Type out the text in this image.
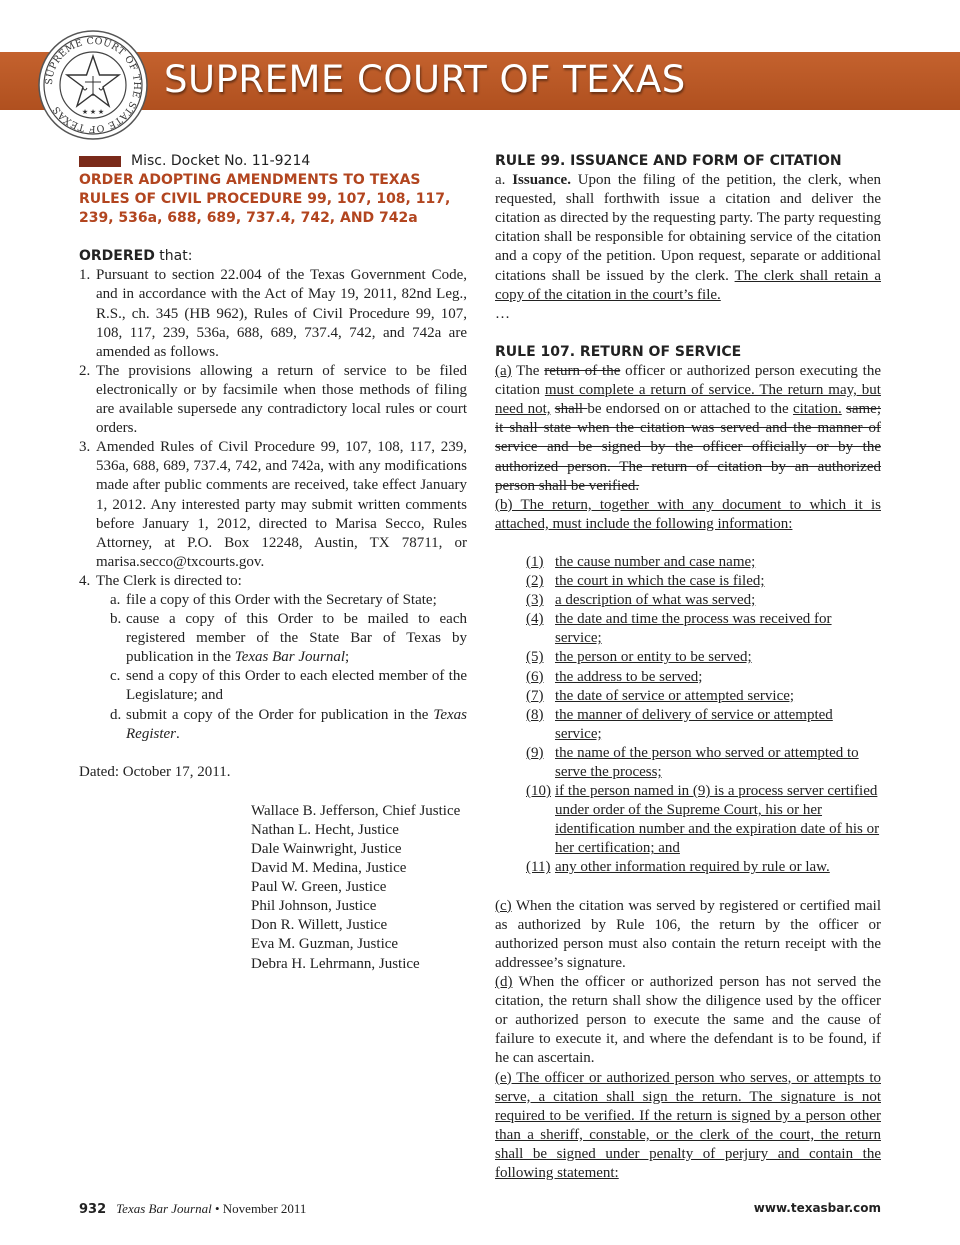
SUPREME COURT OF TEXAS
SUPREME COURT OF THE STATE OF TEXAS	★ ★ ★
Misc. Docket No. 11-9214

ORDER ADOPTING AMENDMENTS TO TEXAS RULES OF CIVIL PROCEDURE 99, 107, 108, 117, 239, 536a, 688, 689, 737.4, 742, AND 742a

ORDERED that:
1. Pursuant to section 22.004 of the Texas Government Code, and in accordance with the Act of May 19, 2011, 82nd Leg., R.S., ch. 345 (HB 962), Rules of Civil Procedure 99, 107, 108, 117, 239, 536a, 688, 689, 737.4, 742, and 742a are amended as follows.
2. The provisions allowing a return of service to be filed electronically or by facsimile when those methods of filing are available supersede any contradictory local rules or court orders.
3. Amended Rules of Civil Procedure 99, 107, 108, 117, 239, 536a, 688, 689, 737.4, 742, and 742a, with any modifications made after public comments are received, take effect January 1, 2012. Any interested party may submit written comments before January 1, 2012, directed to Marisa Secco, Rules Attorney, at P.O. Box 12248, Austin, TX 78711, or marisa.secco@txcourts.gov.
4. The Clerk is directed to:
a. file a copy of this Order with the Secretary of State;
b. cause a copy of this Order to be mailed to each registered member of the State Bar of Texas by publication in the Texas Bar Journal;
c. send a copy of this Order to each elected member of the Legislature; and
d. submit a copy of the Order for publication in the Texas Register.
Dated: October 17, 2011.
Wallace B. Jefferson, Chief Justice
Nathan L. Hecht, Justice
Dale Wainwright, Justice
David M. Medina, Justice
Paul W. Green, Justice
Phil Johnson, Justice
Don R. Willett, Justice
Eva M. Guzman, Justice
Debra H. Lehrmann, Justice

RULE 99. ISSUANCE AND FORM OF CITATION

a. Issuance. Upon the filing of the petition, the clerk, when requested, shall forthwith issue a citation and deliver the citation as directed by the requesting party. The party requesting citation shall be responsible for obtaining service of the citation and a copy of the petition. Upon request, separate or additional citations shall be issued by the clerk. The clerk shall retain a copy of the citation in the court’s file.

…

RULE 107. RETURN OF SERVICE

(a) The return of the officer or authorized person executing the citation must complete a return of service. The return may, but need not, shall be endorsed on or attached to the citation. same; it shall state when the citation was served and the manner of service and be signed by the officer officially or by the authorized person. The return of citation by an authorized person shall be verified.

(b) The return, together with any document to which it is attached, must include the following information:

(1) the cause number and case name;
(2) the court in which the case is filed;
(3) a description of what was served;
(4) the date and time the process was received for service;
(5) the person or entity to be served;
(6) the address to be served;
(7) the date of service or attempted service;
(8) the manner of delivery of service or attempted service;
(9) the name of the person who served or attempted to serve the process;
(10) if the person named in (9) is a process server certified under order of the Supreme Court, his or her identification number and the expiration date of his or her certification; and
(11) any other information required by rule or law.

(c) When the citation was served by registered or certified mail as authorized by Rule 106, the return by the officer or authorized person must also contain the return receipt with the addressee’s signature.

(d) When the officer or authorized person has not served the citation, the return shall show the diligence used by the officer or authorized person to execute the same and the cause of failure to execute it, and where the defendant is to be found, if he can ascertain.

(e) The officer or authorized person who serves, or attempts to serve, a citation shall sign the return. The signature is not required to be verified. If the return is signed by a person other than a sheriff, constable, or the clerk of the court, the return shall be signed under penalty of perjury and contain the following statement:

932 Texas Bar Journal • November 2011	www.texasbar.com
